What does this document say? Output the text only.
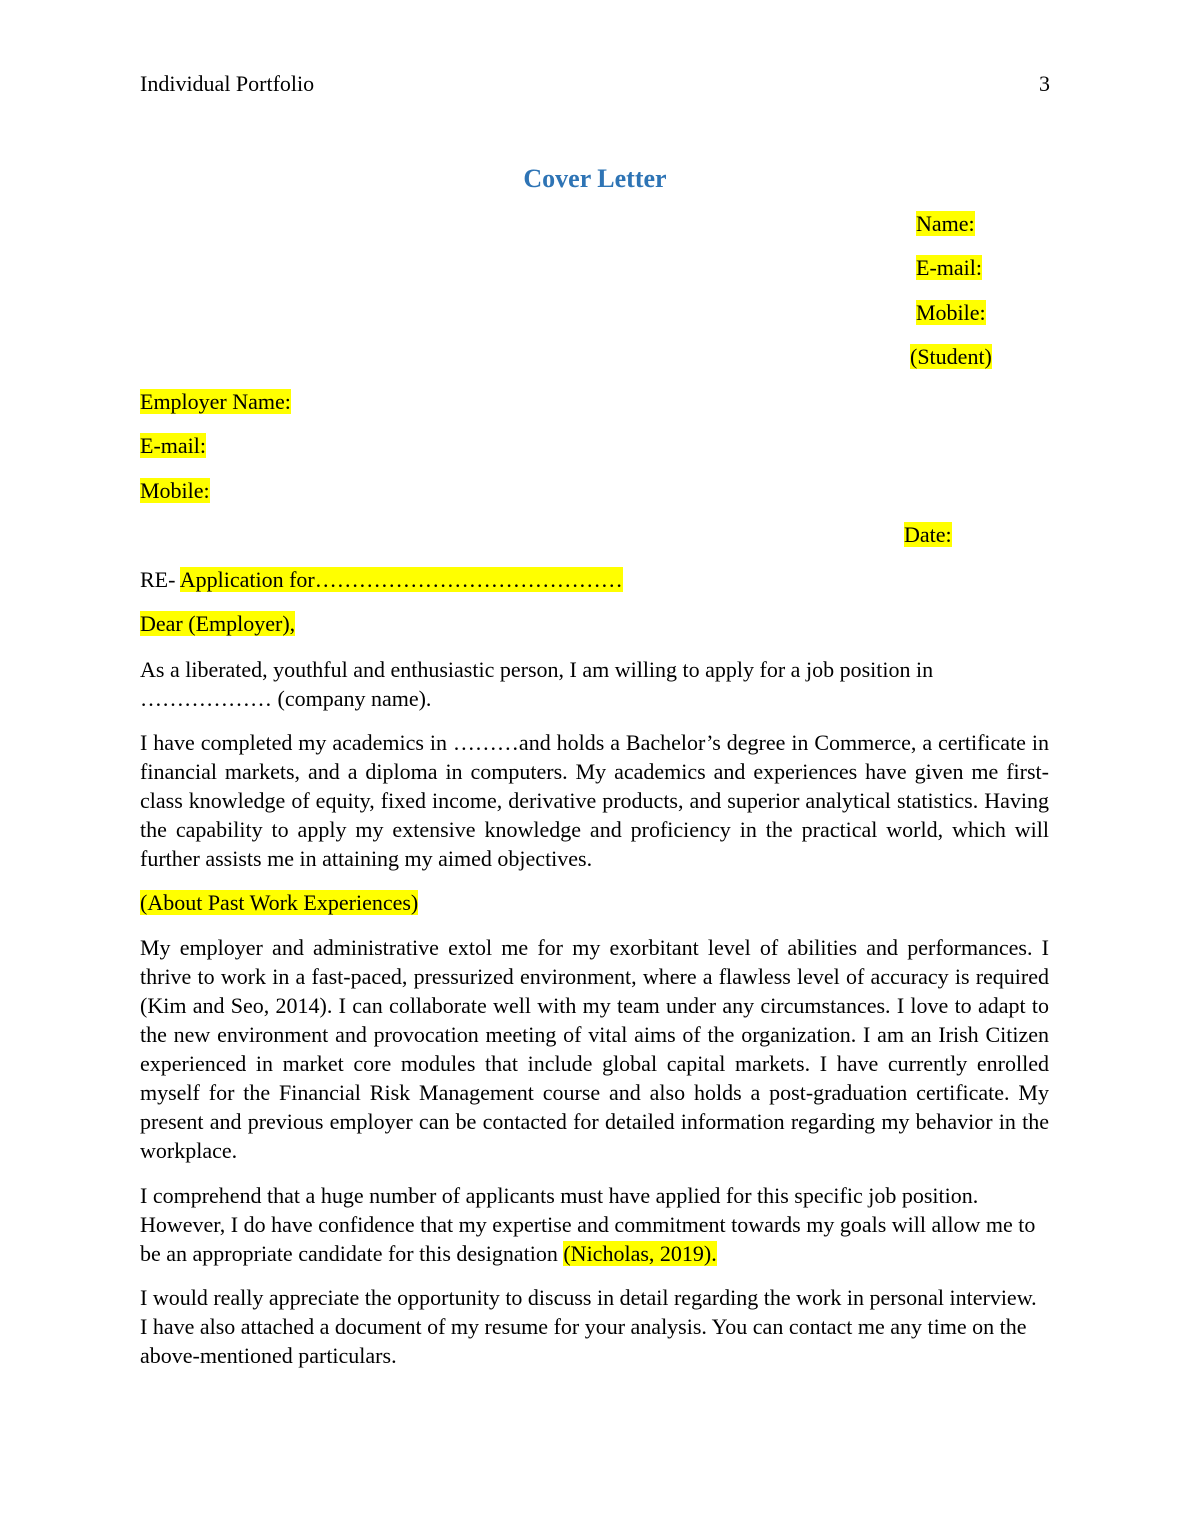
Individual Portfolio	3
Cover Letter
Name:
E-mail:
Mobile:
(Student)
Employer Name:
E-mail:
Mobile:
Date:
RE- Application for……………………………………
Dear (Employer),
As a liberated, youthful and enthusiastic person, I am willing to apply for a job position in ……………… (company name).
I have completed my academics in ………and holds a Bachelor’s degree in Commerce, a certificate in financial markets, and a diploma in computers. My academics and experiences have given me first-class knowledge of equity, fixed income, derivative products, and superior analytical statistics. Having the capability to apply my extensive knowledge and proficiency in the practical world, which will further assists me in attaining my aimed objectives.
(About Past Work Experiences)
My employer and administrative extol me for my exorbitant level of abilities and performances. I thrive to work in a fast-paced, pressurized environment, where a flawless level of accuracy is required (Kim and Seo, 2014). I can collaborate well with my team under any circumstances. I love to adapt to the new environment and provocation meeting of vital aims of the organization. I am an Irish Citizen experienced in market core modules that include global capital markets. I have currently enrolled myself for the Financial Risk Management course and also holds a post-graduation certificate. My present and previous employer can be contacted for detailed information regarding my behavior in the workplace.
I comprehend that a huge number of applicants must have applied for this specific job position. However, I do have confidence that my expertise and commitment towards my goals will allow me to be an appropriate candidate for this designation (Nicholas, 2019).
I would really appreciate the opportunity to discuss in detail regarding the work in personal interview. I have also attached a document of my resume for your analysis. You can contact me any time on the above-mentioned particulars.
